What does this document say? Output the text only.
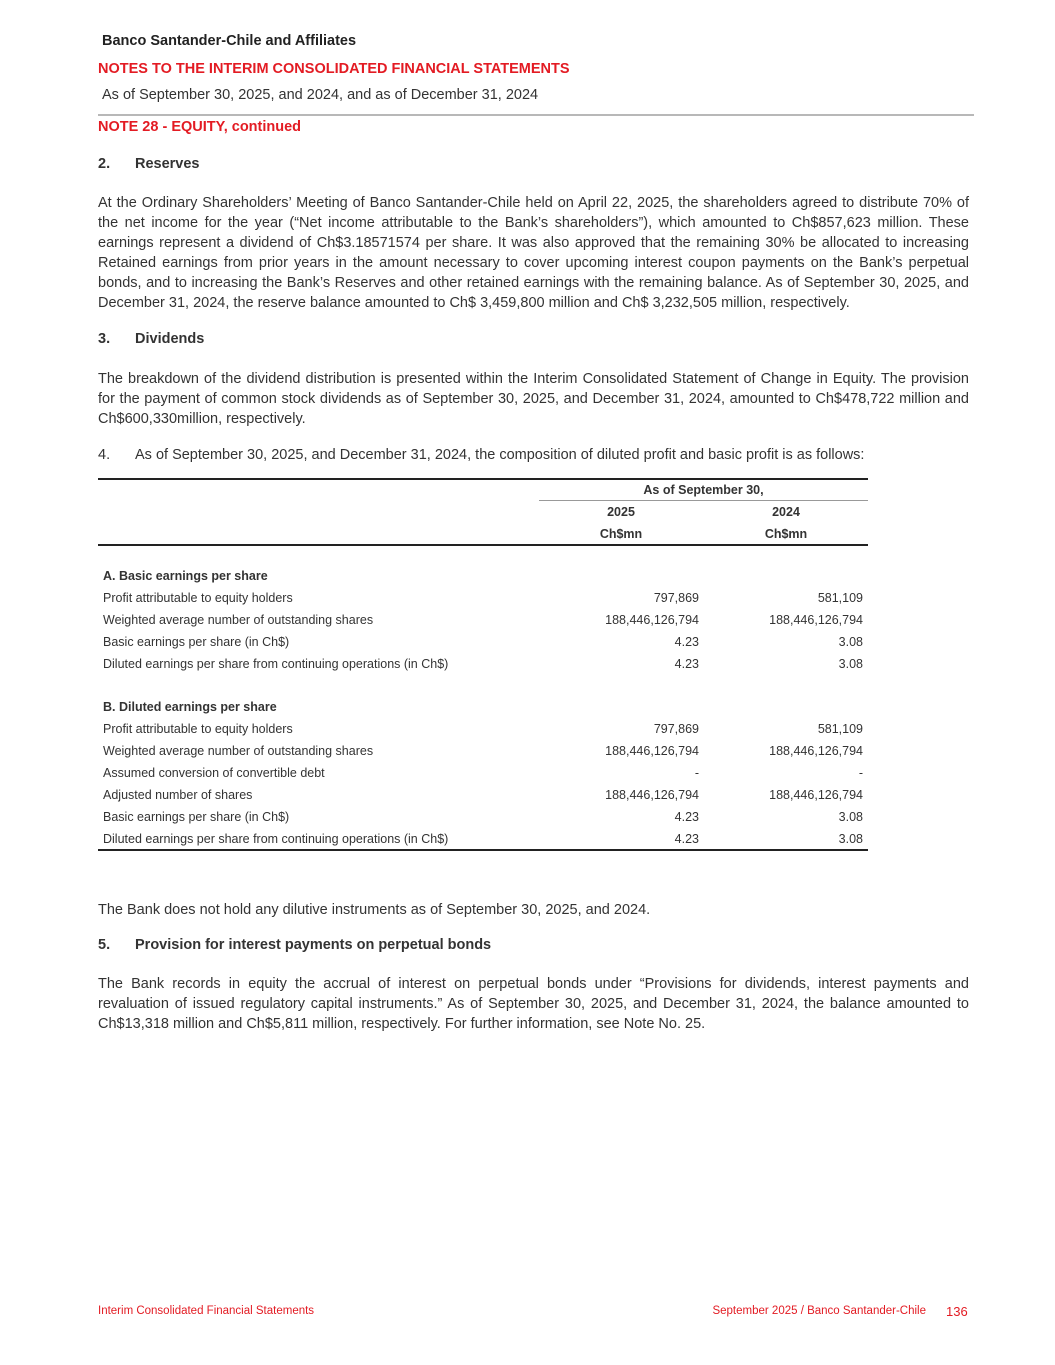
Banco Santander-Chile and Affiliates
NOTES TO THE INTERIM CONSOLIDATED FINANCIAL STATEMENTS
As of September 30, 2025, and 2024, and as of December 31, 2024
NOTE 28 - EQUITY, continued
2. Reserves
At the Ordinary Shareholders’ Meeting of Banco Santander-Chile held on April 22, 2025, the shareholders agreed to distribute 70% of the net income for the year (“Net income attributable to the Bank’s shareholders”), which amounted to Ch$857,623 million. These earnings represent a dividend of Ch$3.18571574 per share. It was also approved that the remaining 30% be allocated to increasing Retained earnings from prior years in the amount necessary to cover upcoming interest coupon payments on the Bank’s perpetual bonds, and to increasing the Bank’s Reserves and other retained earnings with the remaining balance. As of September 30, 2025, and December 31, 2024, the reserve balance amounted to Ch$ 3,459,800 million and Ch$ 3,232,505 million, respectively.
3. Dividends
The breakdown of the dividend distribution is presented within the Interim Consolidated Statement of Change in Equity. The provision for the payment of common stock dividends as of September 30, 2025, and December 31, 2024, amounted to Ch$478,722 million and Ch$600,330million, respectively.
4. As of September 30, 2025, and December 31, 2024, the composition of diluted profit and basic profit is as follows:
As of September 30,
2025	2024
Ch$mn	Ch$mn
A. Basic earnings per share
Profit attributable to equity holders	797,869	581,109
Weighted average number of outstanding shares	188,446,126,794	188,446,126,794
Basic earnings per share (in Ch$)	4.23	3.08
Diluted earnings per share from continuing operations (in Ch$)	4.23	3.08
B. Diluted earnings per share
Profit attributable to equity holders	797,869	581,109
Weighted average number of outstanding shares	188,446,126,794	188,446,126,794
Assumed conversion of convertible debt	-	-
Adjusted number of shares	188,446,126,794	188,446,126,794
Basic earnings per share (in Ch$)	4.23	3.08
Diluted earnings per share from continuing operations (in Ch$)	4.23	3.08
The Bank does not hold any dilutive instruments as of September 30, 2025, and 2024.
5. Provision for interest payments on perpetual bonds
The Bank records in equity the accrual of interest on perpetual bonds under “Provisions for dividends, interest payments and revaluation of issued regulatory capital instruments.” As of September 30, 2025, and December 31, 2024, the balance amounted to Ch$13,318 million and Ch$5,811 million, respectively. For further information, see Note No. 25.
Interim Consolidated Financial Statements	September 2025 / Banco Santander-Chile 136
